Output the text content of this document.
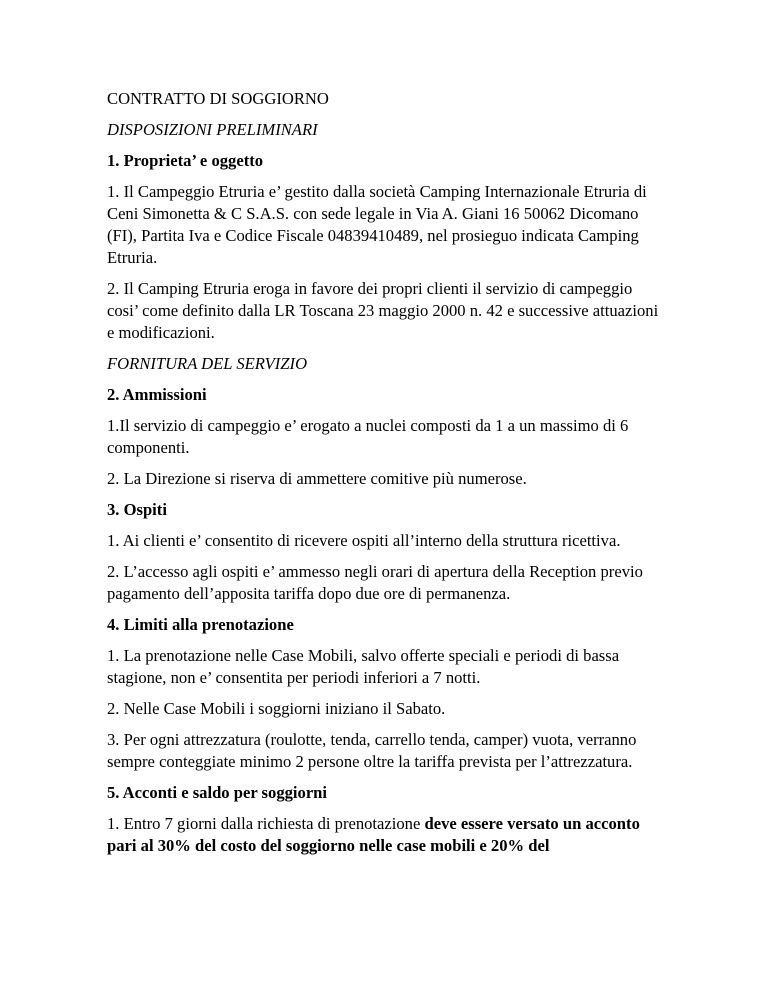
CONTRATTO DI SOGGIORNO
DISPOSIZIONI PRELIMINARI
1. Proprieta’ e oggetto
1. Il Campeggio Etruria e’ gestito dalla società Camping Internazionale Etruria di Ceni Simonetta & C S.A.S. con sede legale in Via A. Giani 16 50062 Dicomano (FI), Partita Iva e Codice Fiscale 04839410489, nel prosieguo indicata Camping Etruria.
2. Il Camping Etruria eroga in favore dei propri clienti il servizio di campeggio cosi’ come definito dalla LR Toscana 23 maggio 2000 n. 42 e successive attuazioni e modificazioni.
FORNITURA DEL SERVIZIO
2. Ammissioni
1.Il servizio di campeggio e’ erogato a nuclei composti da 1 a un massimo di 6 componenti.
2. La Direzione si riserva di ammettere comitive più numerose.
3. Ospiti
1. Ai clienti e’ consentito di ricevere ospiti all’interno della struttura ricettiva.
2. L’accesso agli ospiti e’ ammesso negli orari di apertura della Reception previo pagamento dell’apposita tariffa dopo due ore di permanenza.
4. Limiti alla prenotazione
1. La prenotazione nelle Case Mobili, salvo offerte speciali e periodi di bassa stagione, non e’ consentita per periodi inferiori a 7 notti.
2. Nelle Case Mobili i soggiorni iniziano il Sabato.
3. Per ogni attrezzatura (roulotte, tenda, carrello tenda, camper) vuota, verranno sempre conteggiate minimo 2 persone oltre la tariffa prevista per l’attrezzatura.
5. Acconti e saldo per soggiorni
1. Entro 7 giorni dalla richiesta di prenotazione deve essere versato un acconto pari al 30% del costo del soggiorno nelle case mobili e 20% del
